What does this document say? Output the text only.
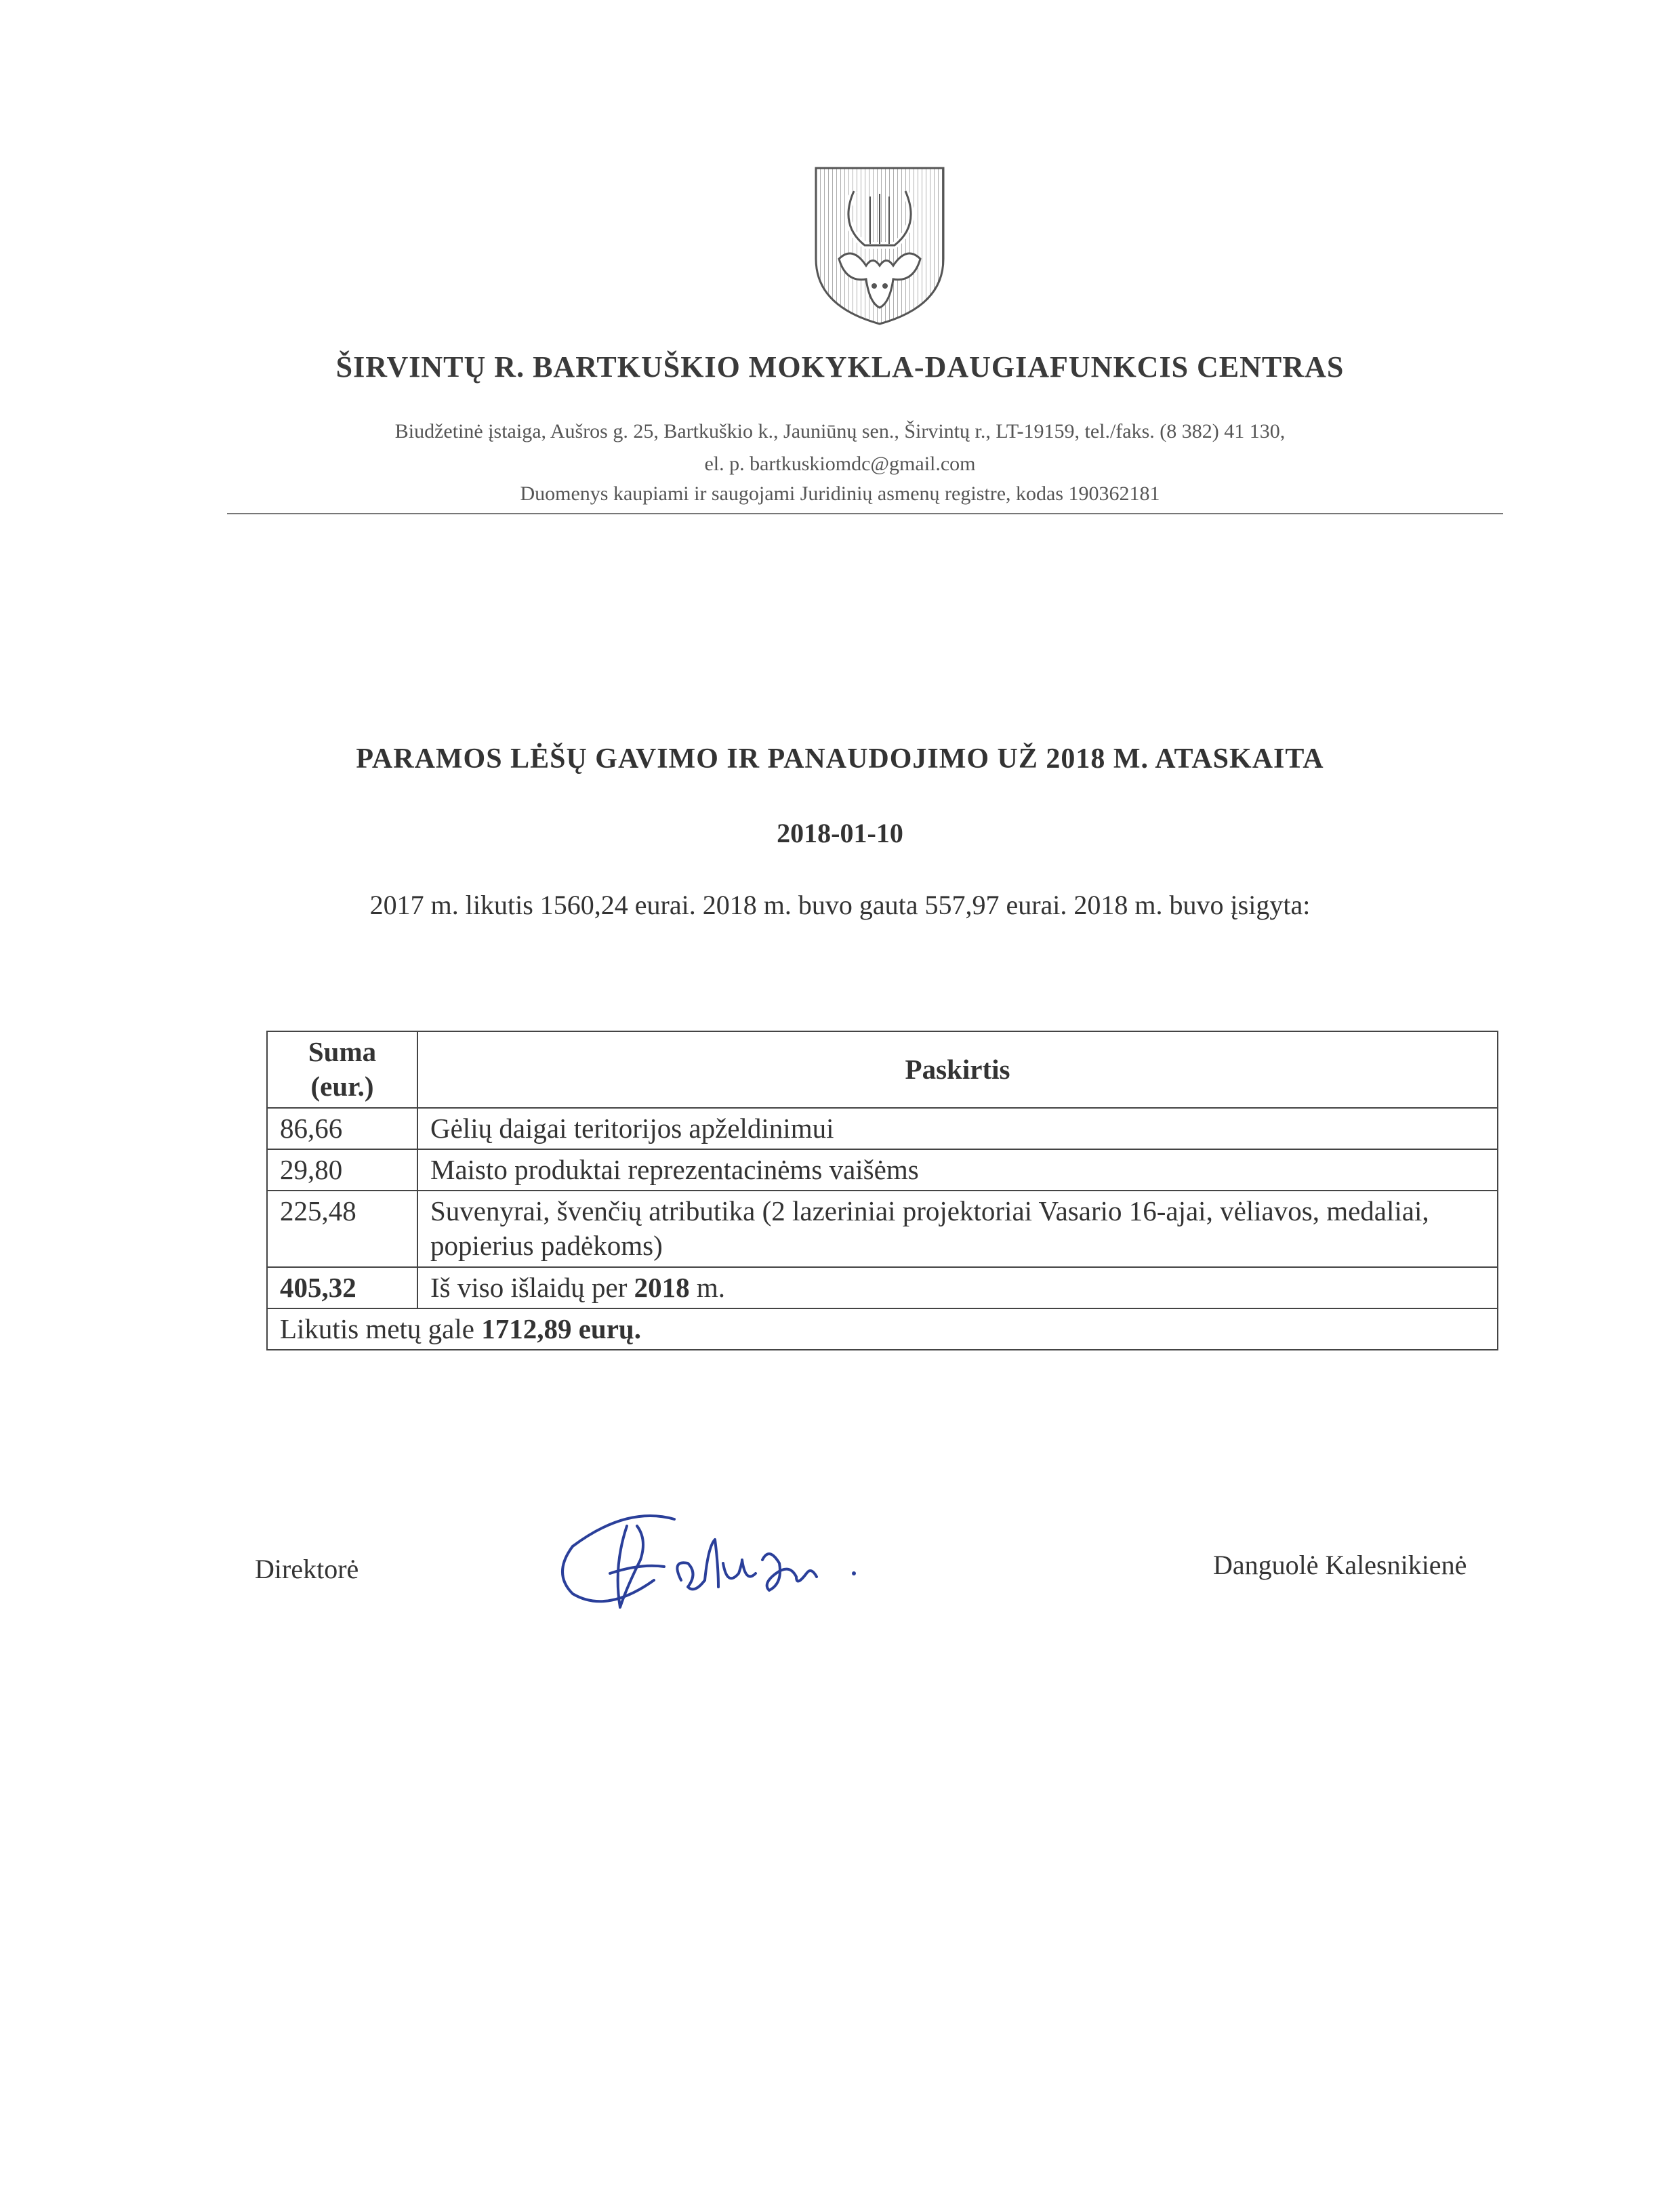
ŠIRVINTŲ R. BARTKUŠKIO MOKYKLA-DAUGIAFUNKCIS CENTRAS
Biudžetinė įstaiga, Aušros g. 25, Bartkuškio k., Jauniūnų sen., Širvintų r., LT-19159, tel./faks. (8 382) 41 130,
el. p. bartkuskiomdc@gmail.com
Duomenys kaupiami ir saugojami Juridinių asmenų registre, kodas 190362181
PARAMOS LĖŠŲ GAVIMO IR PANAUDOJIMO UŽ 2018 M. ATASKAITA
2018-01-10
2017 m. likutis 1560,24 eurai. 2018 m. buvo gauta 557,97 eurai. 2018 m. buvo įsigyta:
Suma (eur.)	Paskirtis
86,66	Gėlių daigai teritorijos apželdinimui
29,80	Maisto produktai reprezentacinėms vaišėms
225,48	Suvenyrai, švenčių atributika (2 lazeriniai projektoriai Vasario 16-ajai, vėliavos, medaliai, popierius padėkoms)
405,32	Iš viso išlaidų per 2018 m.
Likutis metų gale 1712,89 eurų.	
Direktorė	Danguolė Kalesnikienė
